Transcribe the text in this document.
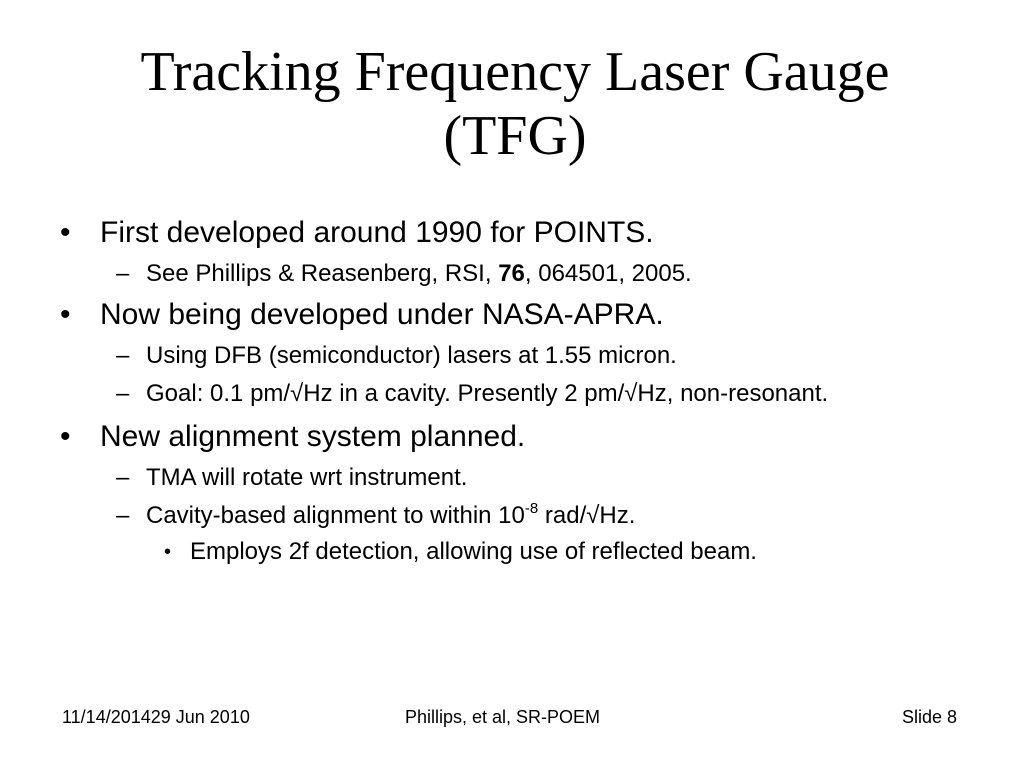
Tracking Frequency Laser Gauge
(TFG)
• First developed around 1990 for POINTS.
– See Phillips & Reasenberg, RSI, 76, 064501, 2005.
• Now being developed under NASA-APRA.
– Using DFB (semiconductor) lasers at 1.55 micron.
– Goal: 0.1 pm/√Hz in a cavity. Presently 2 pm/√Hz, non-resonant.
• New alignment system planned.
– TMA will rotate wrt instrument.
– Cavity-based alignment to within $10^{-8}$ rad/√Hz.
• Employs 2f detection, allowing use of reflected beam.
11/14/201429 Jun 2010	Phillips, et al, SR-POEM	Slide 8
